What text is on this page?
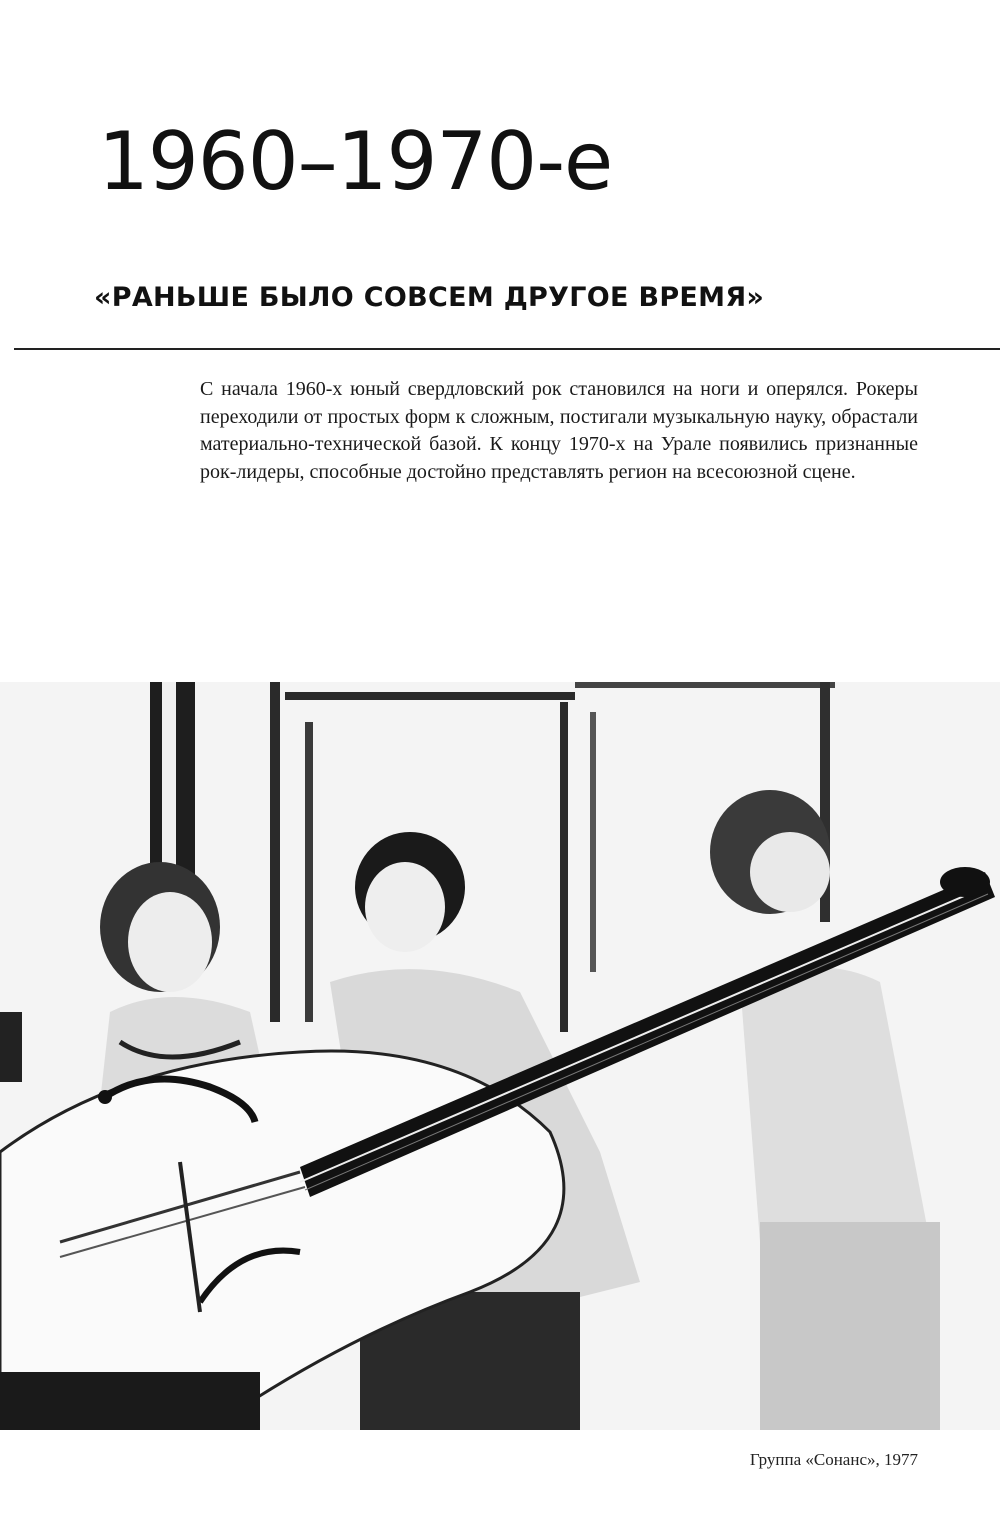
1960–1970-е
«РАНЬШЕ БЫЛО СОВСЕМ ДРУГОЕ ВРЕМЯ»

С начала 1960-х юный свердловский рок становился на ноги и оперялся. Рокеры переходили от простых форм к сложным, постигали музыкальную науку, обрастали материально-технической базой. К концу 1970-х на Урале появились признанные рок-лидеры, способные достойно представлять регион на всесоюзной сцене.

Группа «Сонанс», 1977
